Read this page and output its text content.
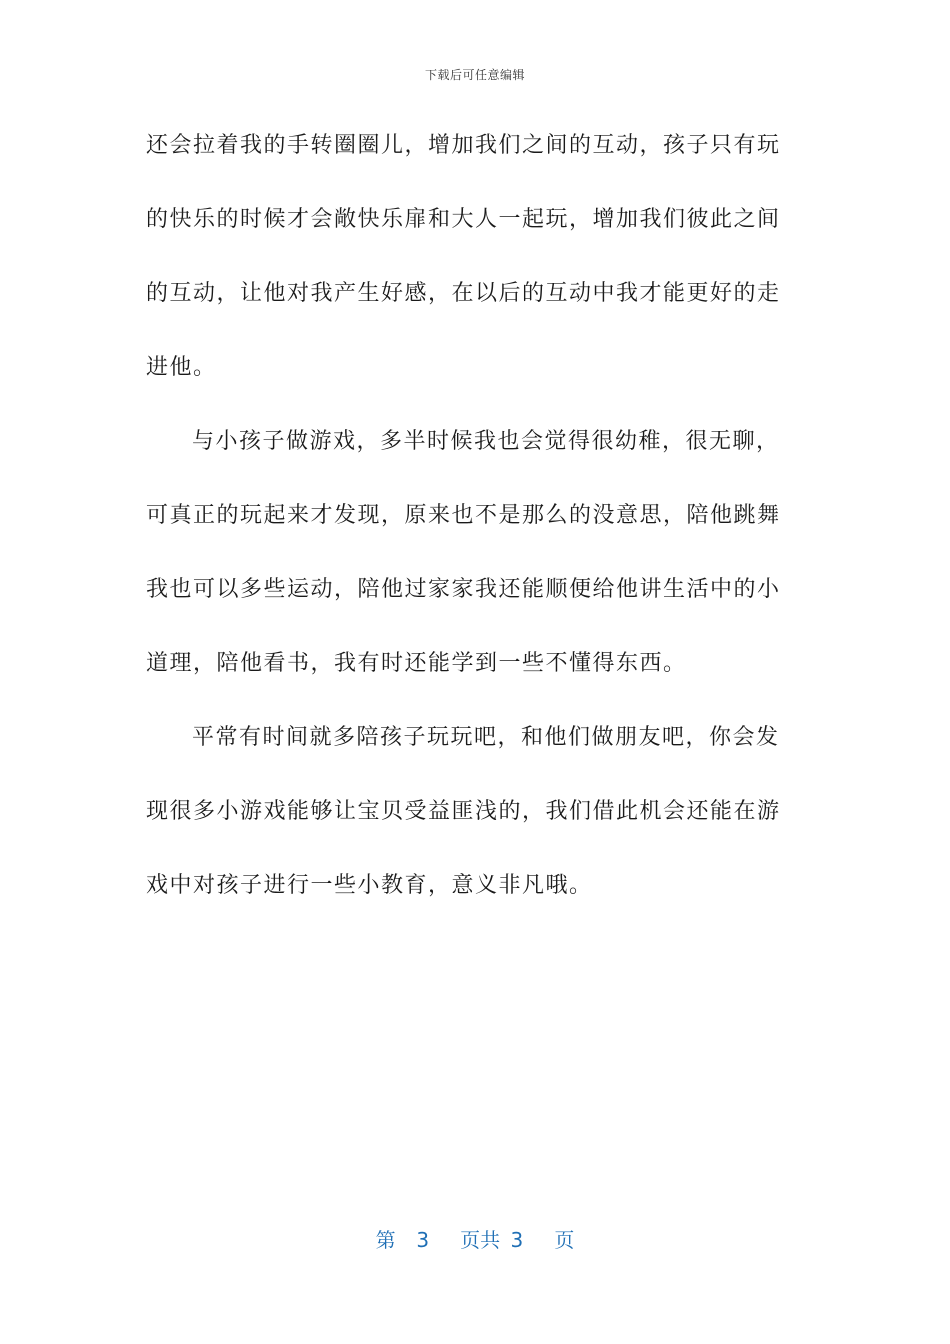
下载后可任意编辑
还会拉着我的手转圈圈儿，增加我们之间的互动，孩子只有玩
的快乐的时候才会敞快乐扉和大人一起玩，增加我们彼此之间
的互动，让他对我产生好感，在以后的互动中我才能更好的走
进他。
与小孩子做游戏，多半时候我也会觉得很幼稚，很无聊，
可真正的玩起来才发现，原来也不是那么的没意思，陪他跳舞
我也可以多些运动，陪他过家家我还能顺便给他讲生活中的小
道理，陪他看书，我有时还能学到一些不懂得东西。
平常有时间就多陪孩子玩玩吧，和他们做朋友吧，你会发
现很多小游戏能够让宝贝受益匪浅的，我们借此机会还能在游
戏中对孩子进行一些小教育，意义非凡哦。
第 3 页共 3 页
